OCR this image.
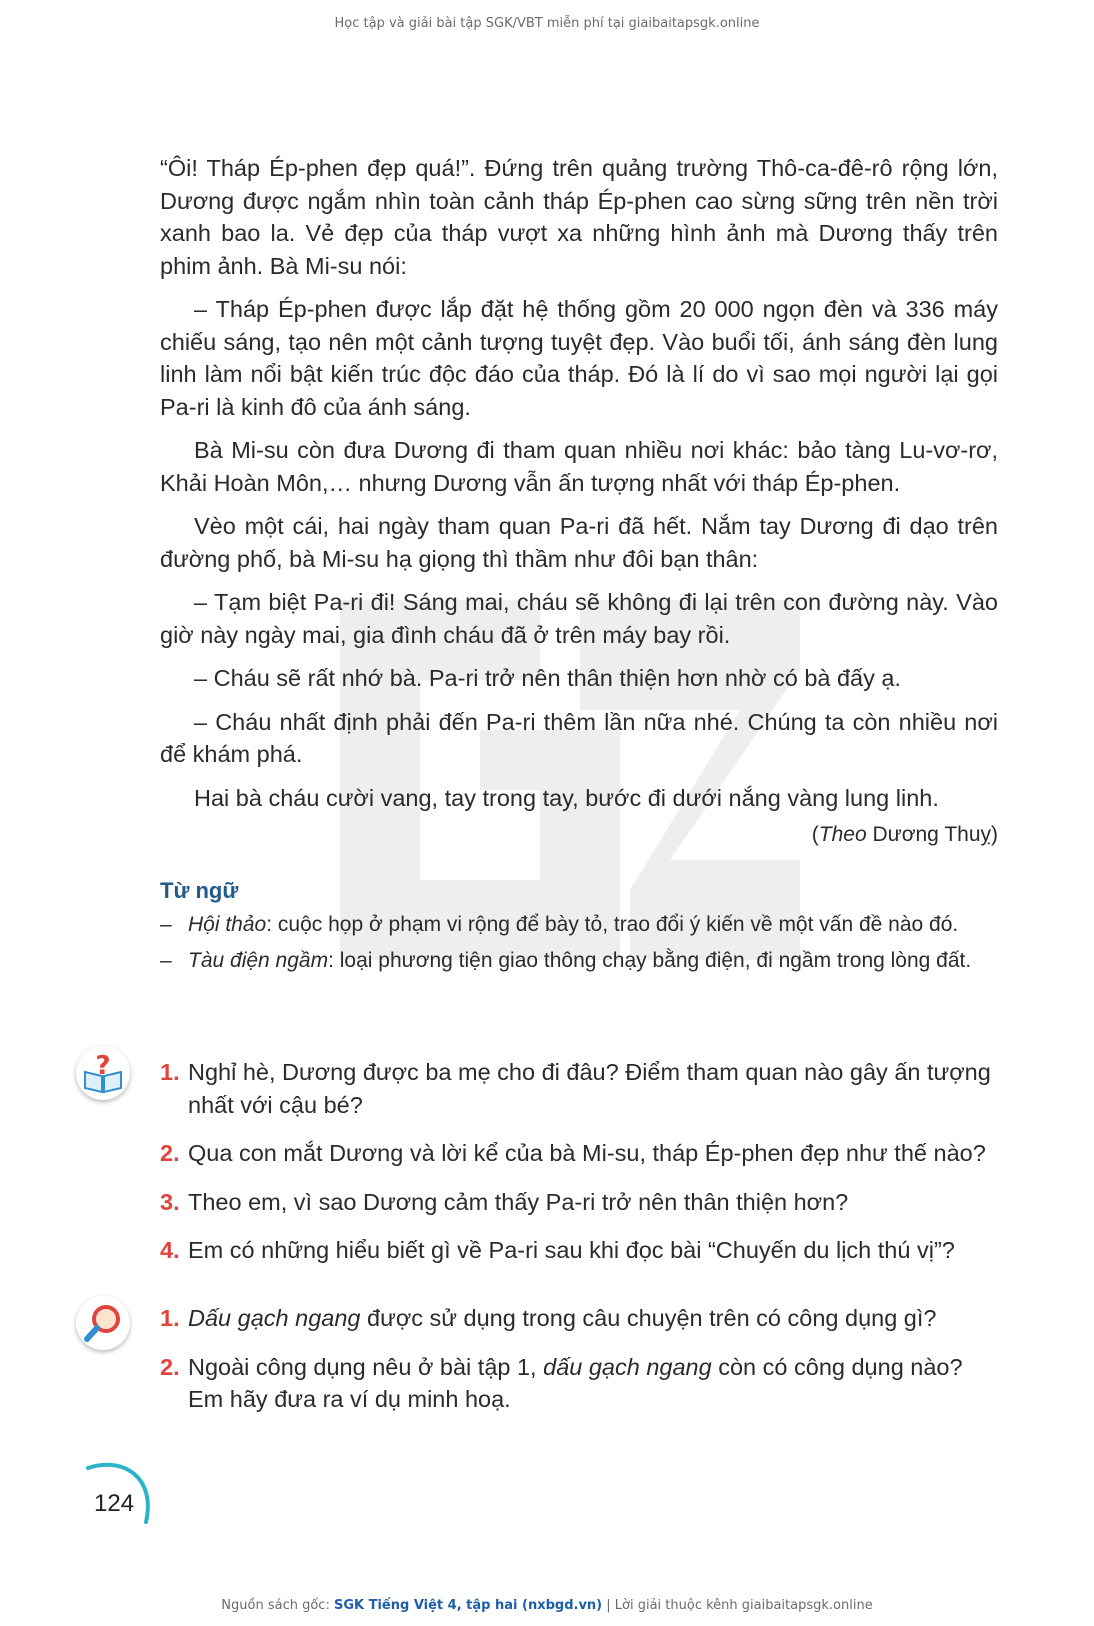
Học tập và giải bài tập SGK/VBT miễn phí tại giaibaitapsgk.online

“Ôi! Tháp Ép-phen đẹp quá!”. Đứng trên quảng trường Thô-ca-đê-rô rộng lớn, Dương được ngắm nhìn toàn cảnh tháp Ép-phen cao sừng sững trên nền trời xanh bao la. Vẻ đẹp của tháp vượt xa những hình ảnh mà Dương thấy trên phim ảnh. Bà Mi-su nói:

– Tháp Ép-phen được lắp đặt hệ thống gồm 20 000 ngọn đèn và 336 máy chiếu sáng, tạo nên một cảnh tượng tuyệt đẹp. Vào buổi tối, ánh sáng đèn lung linh làm nổi bật kiến trúc độc đáo của tháp. Đó là lí do vì sao mọi người lại gọi Pa-ri là kinh đô của ánh sáng.

Bà Mi-su còn đưa Dương đi tham quan nhiều nơi khác: bảo tàng Lu-vơ-rơ, Khải Hoàn Môn,… nhưng Dương vẫn ấn tượng nhất với tháp Ép-phen.

Vèo một cái, hai ngày tham quan Pa-ri đã hết. Nắm tay Dương đi dạo trên đường phố, bà Mi-su hạ giọng thì thầm như đôi bạn thân:

– Tạm biệt Pa-ri đi! Sáng mai, cháu sẽ không đi lại trên con đường này. Vào giờ này ngày mai, gia đình cháu đã ở trên máy bay rồi.

– Cháu sẽ rất nhớ bà. Pa-ri trở nên thân thiện hơn nhờ có bà đấy ạ.

– Cháu nhất định phải đến Pa-ri thêm lần nữa nhé. Chúng ta còn nhiều nơi để khám phá.

Hai bà cháu cười vang, tay trong tay, bước đi dưới nắng vàng lung linh.

(Theo Dương Thuỵ)
Từ ngữ
– Hội thảo: cuộc họp ở phạm vi rộng để bày tỏ, trao đổi ý kiến về một vấn đề nào đó.
– Tàu điện ngầm: loại phương tiện giao thông chạy bằng điện, đi ngầm trong lòng đất.
? 1. Nghỉ hè, Dương được ba mẹ cho đi đâu? Điểm tham quan nào gây ấn tượng nhất với cậu bé?
2. Qua con mắt Dương và lời kể của bà Mi-su, tháp Ép-phen đẹp như thế nào?
3. Theo em, vì sao Dương cảm thấy Pa-ri trở nên thân thiện hơn?
4. Em có những hiểu biết gì về Pa-ri sau khi đọc bài “Chuyến du lịch thú vị”?
1. Dấu gạch ngang được sử dụng trong câu chuyện trên có công dụng gì?
2. Ngoài công dụng nêu ở bài tập 1, dấu gạch ngang còn có công dụng nào? Em hãy đưa ra ví dụ minh hoạ.
124
Nguồn sách gốc: SGK Tiếng Việt 4, tập hai (nxbgd.vn) | Lời giải thuộc kênh giaibaitapsgk.online
